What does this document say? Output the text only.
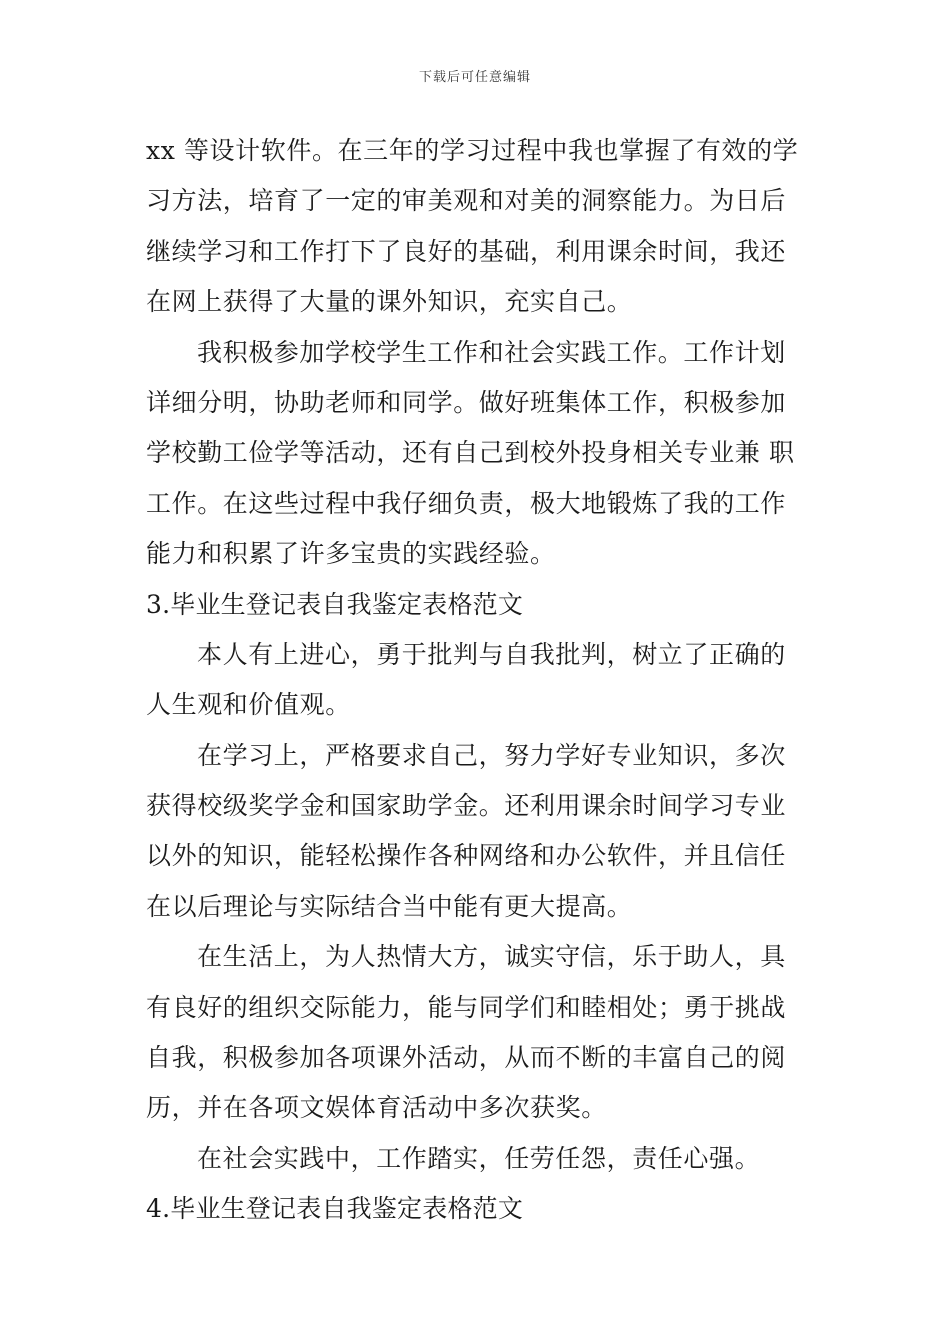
下载后可任意编辑
xx 等设计软件。在三年的学习过程中我也掌握了有效的学
习方法，培育了一定的审美观和对美的洞察能力。为日后
继续学习和工作打下了良好的基础，利用课余时间，我还
在网上获得了大量的课外知识，充实自己。
我积极参加学校学生工作和社会实践工作。工作计划
详细分明，协助老师和同学。做好班集体工作，积极参加
学校勤工俭学等活动，还有自己到校外投身相关专业兼 职
工作。在这些过程中我仔细负责，极大地锻炼了我的工作
能力和积累了许多宝贵的实践经验。
3.毕业生登记表自我鉴定表格范文
本人有上进心，勇于批判与自我批判，树立了正确的
人生观和价值观。
在学习上，严格要求自己，努力学好专业知识，多次
获得校级奖学金和国家助学金。还利用课余时间学习专业
以外的知识，能轻松操作各种网络和办公软件，并且信任
在以后理论与实际结合当中能有更大提高。
在生活上，为人热情大方，诚实守信，乐于助人，具
有良好的组织交际能力，能与同学们和睦相处；勇于挑战
自我，积极参加各项课外活动，从而不断的丰富自己的阅
历，并在各项文娱体育活动中多次获奖。
在社会实践中，工作踏实，任劳任怨，责任心强。
4.毕业生登记表自我鉴定表格范文
